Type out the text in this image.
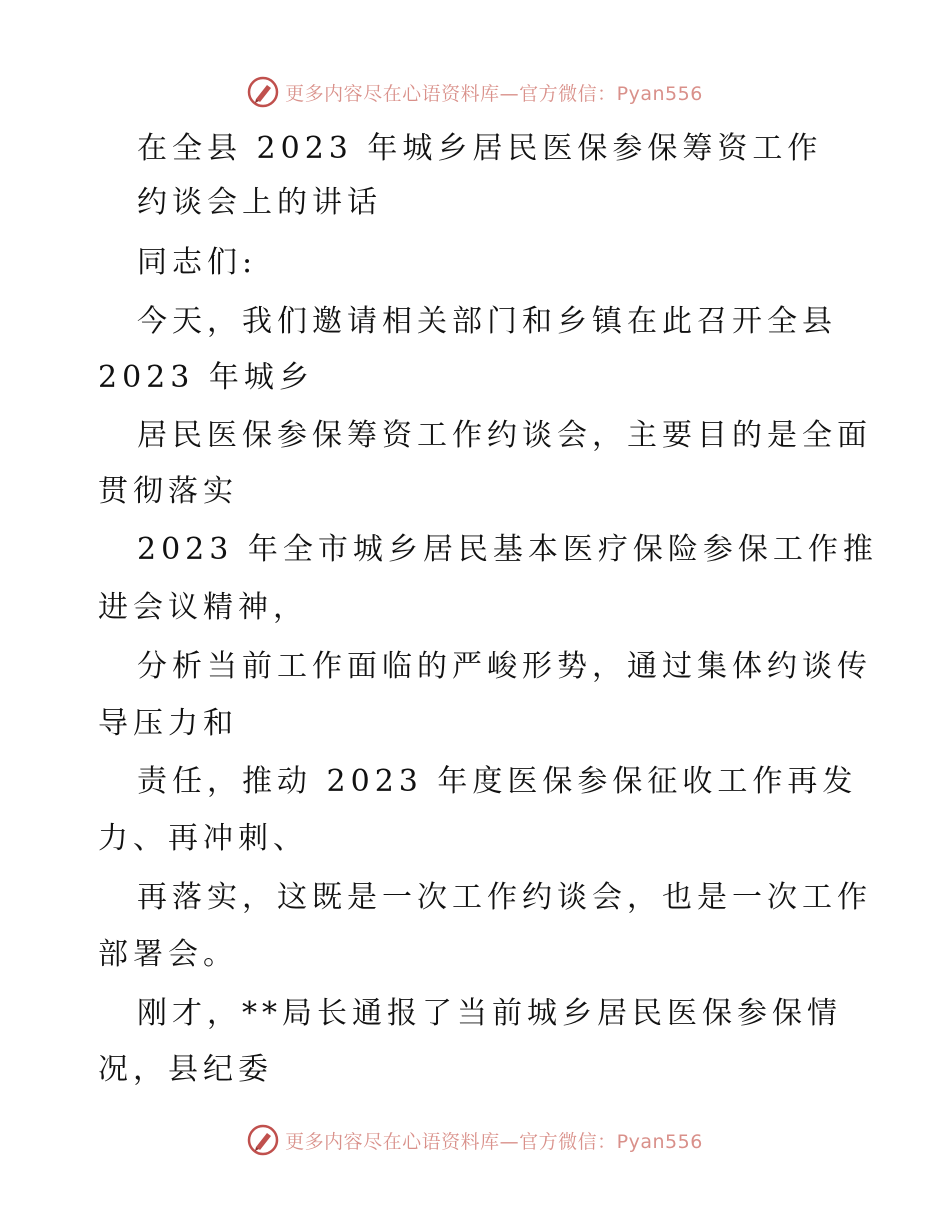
更多内容尽在心语资料库—官方微信：Pyan556
在全县 2023 年城乡居民医保参保筹资工作
约谈会上的讲话
同志们:
今天，我们邀请相关部门和乡镇在此召开全县
2023 年城乡
居民医保参保筹资工作约谈会，主要目的是全面
贯彻落实
2023 年全市城乡居民基本医疗保险参保工作推
进会议精神，
分析当前工作面临的严峻形势，通过集体约谈传
导压力和
责任，推动 2023 年度医保参保征收工作再发
力、再冲刺、
再落实，这既是一次工作约谈会，也是一次工作
部署会。
刚才，**局长通报了当前城乡居民医保参保情
况，县纪委
更多内容尽在心语资料库—官方微信：Pyan556
